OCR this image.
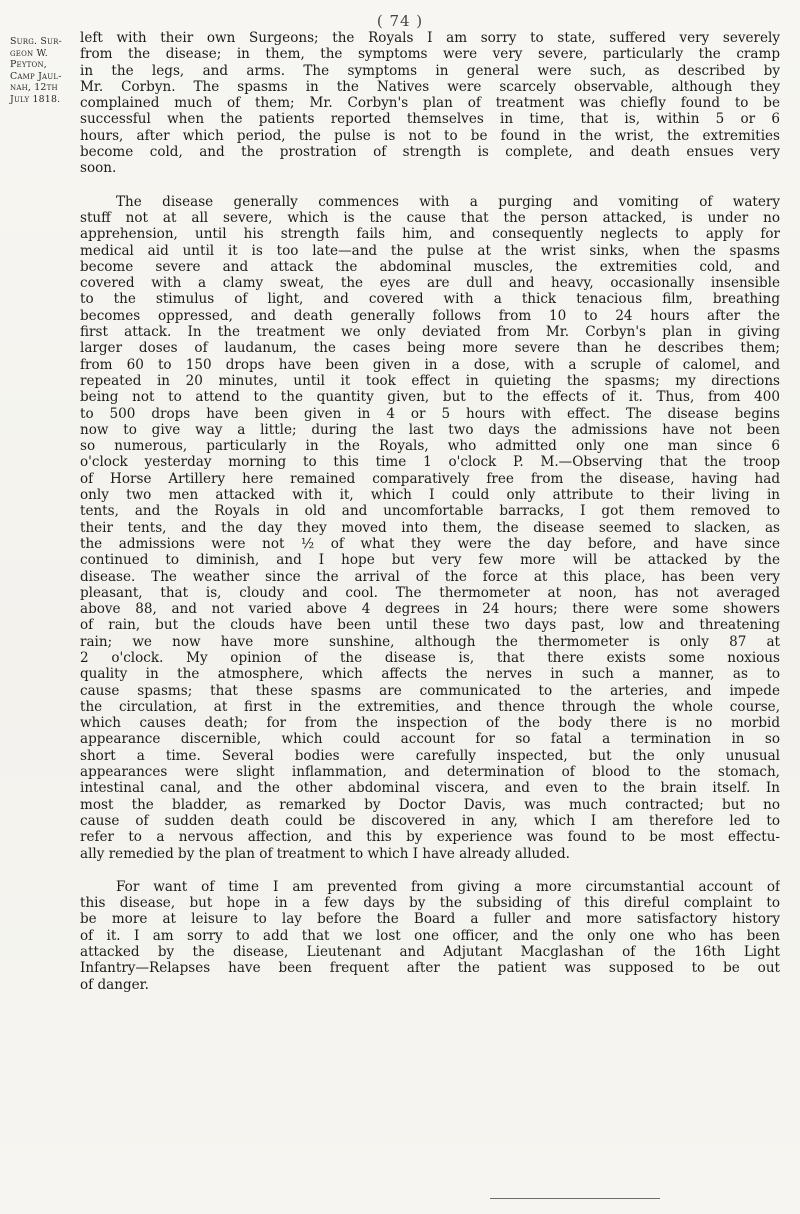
( 74 )
Surg. Sur-
geon W.
Peyton,
Camp Jaul-
nah, 12th
July 1818.
left with their own Surgeons; the Royals I am sorry to state, suffered very severely
from the disease; in them, the symptoms were very severe, particularly the cramp
in the legs, and arms. The symptoms in general were such, as described by
Mr. Corbyn. The spasms in the Natives were scarcely observable, although they
complained much of them; Mr. Corbyn's plan of treatment was chiefly found to be
successful when the patients reported themselves in time, that is, within 5 or 6
hours, after which period, the pulse is not to be found in the wrist, the extremities
become cold, and the prostration of strength is complete, and death ensues very
soon.
The disease generally commences with a purging and vomiting of watery
stuff not at all severe, which is the cause that the person attacked, is under no
apprehension, until his strength fails him, and consequently neglects to apply for
medical aid until it is too late—and the pulse at the wrist sinks, when the spasms
become severe and attack the abdominal muscles, the extremities cold, and
covered with a clamy sweat, the eyes are dull and heavy, occasionally insensible
to the stimulus of light, and covered with a thick tenacious film, breathing
becomes oppressed, and death generally follows from 10 to 24 hours after the
first attack. In the treatment we only deviated from Mr. Corbyn's plan in giving
larger doses of laudanum, the cases being more severe than he describes them;
from 60 to 150 drops have been given in a dose, with a scruple of calomel, and
repeated in 20 minutes, until it took effect in quieting the spasms; my directions
being not to attend to the quantity given, but to the effects of it. Thus, from 400
to 500 drops have been given in 4 or 5 hours with effect. The disease begins
now to give way a little; during the last two days the admissions have not been
so numerous, particularly in the Royals, who admitted only one man since 6
o'clock yesterday morning to this time 1 o'clock P. M.—Observing that the troop
of Horse Artillery here remained comparatively free from the disease, having had
only two men attacked with it, which I could only attribute to their living in
tents, and the Royals in old and uncomfortable barracks, I got them removed to
their tents, and the day they moved into them, the disease seemed to slacken, as
the admissions were not ½ of what they were the day before, and have since
continued to diminish, and I hope but very few more will be attacked by the
disease. The weather since the arrival of the force at this place, has been very
pleasant, that is, cloudy and cool. The thermometer at noon, has not averaged
above 88, and not varied above 4 degrees in 24 hours; there were some showers
of rain, but the clouds have been until these two days past, low and threatening
rain; we now have more sunshine, although the thermometer is only 87 at
2 o'clock. My opinion of the disease is, that there exists some noxious
quality in the atmosphere, which affects the nerves in such a manner, as to
cause spasms; that these spasms are communicated to the arteries, and impede
the circulation, at first in the extremities, and thence through the whole course,
which causes death; for from the inspection of the body there is no morbid
appearance discernible, which could account for so fatal a termination in so
short a time. Several bodies were carefully inspected, but the only unusual
appearances were slight inflammation, and determination of blood to the stomach,
intestinal canal, and the other abdominal viscera, and even to the brain itself. In
most the bladder, as remarked by Doctor Davis, was much contracted; but no
cause of sudden death could be discovered in any, which I am therefore led to
refer to a nervous affection, and this by experience was found to be most effectu-
ally remedied by the plan of treatment to which I have already alluded.
For want of time I am prevented from giving a more circumstantial account of
this disease, but hope in a few days by the subsiding of this direful complaint to
be more at leisure to lay before the Board a fuller and more satisfactory history
of it. I am sorry to add that we lost one officer, and the only one who has been
attacked by the disease, Lieutenant and Adjutant Macglashan of the 16th Light
Infantry—Relapses have been frequent after the patient was supposed to be out
of danger.
